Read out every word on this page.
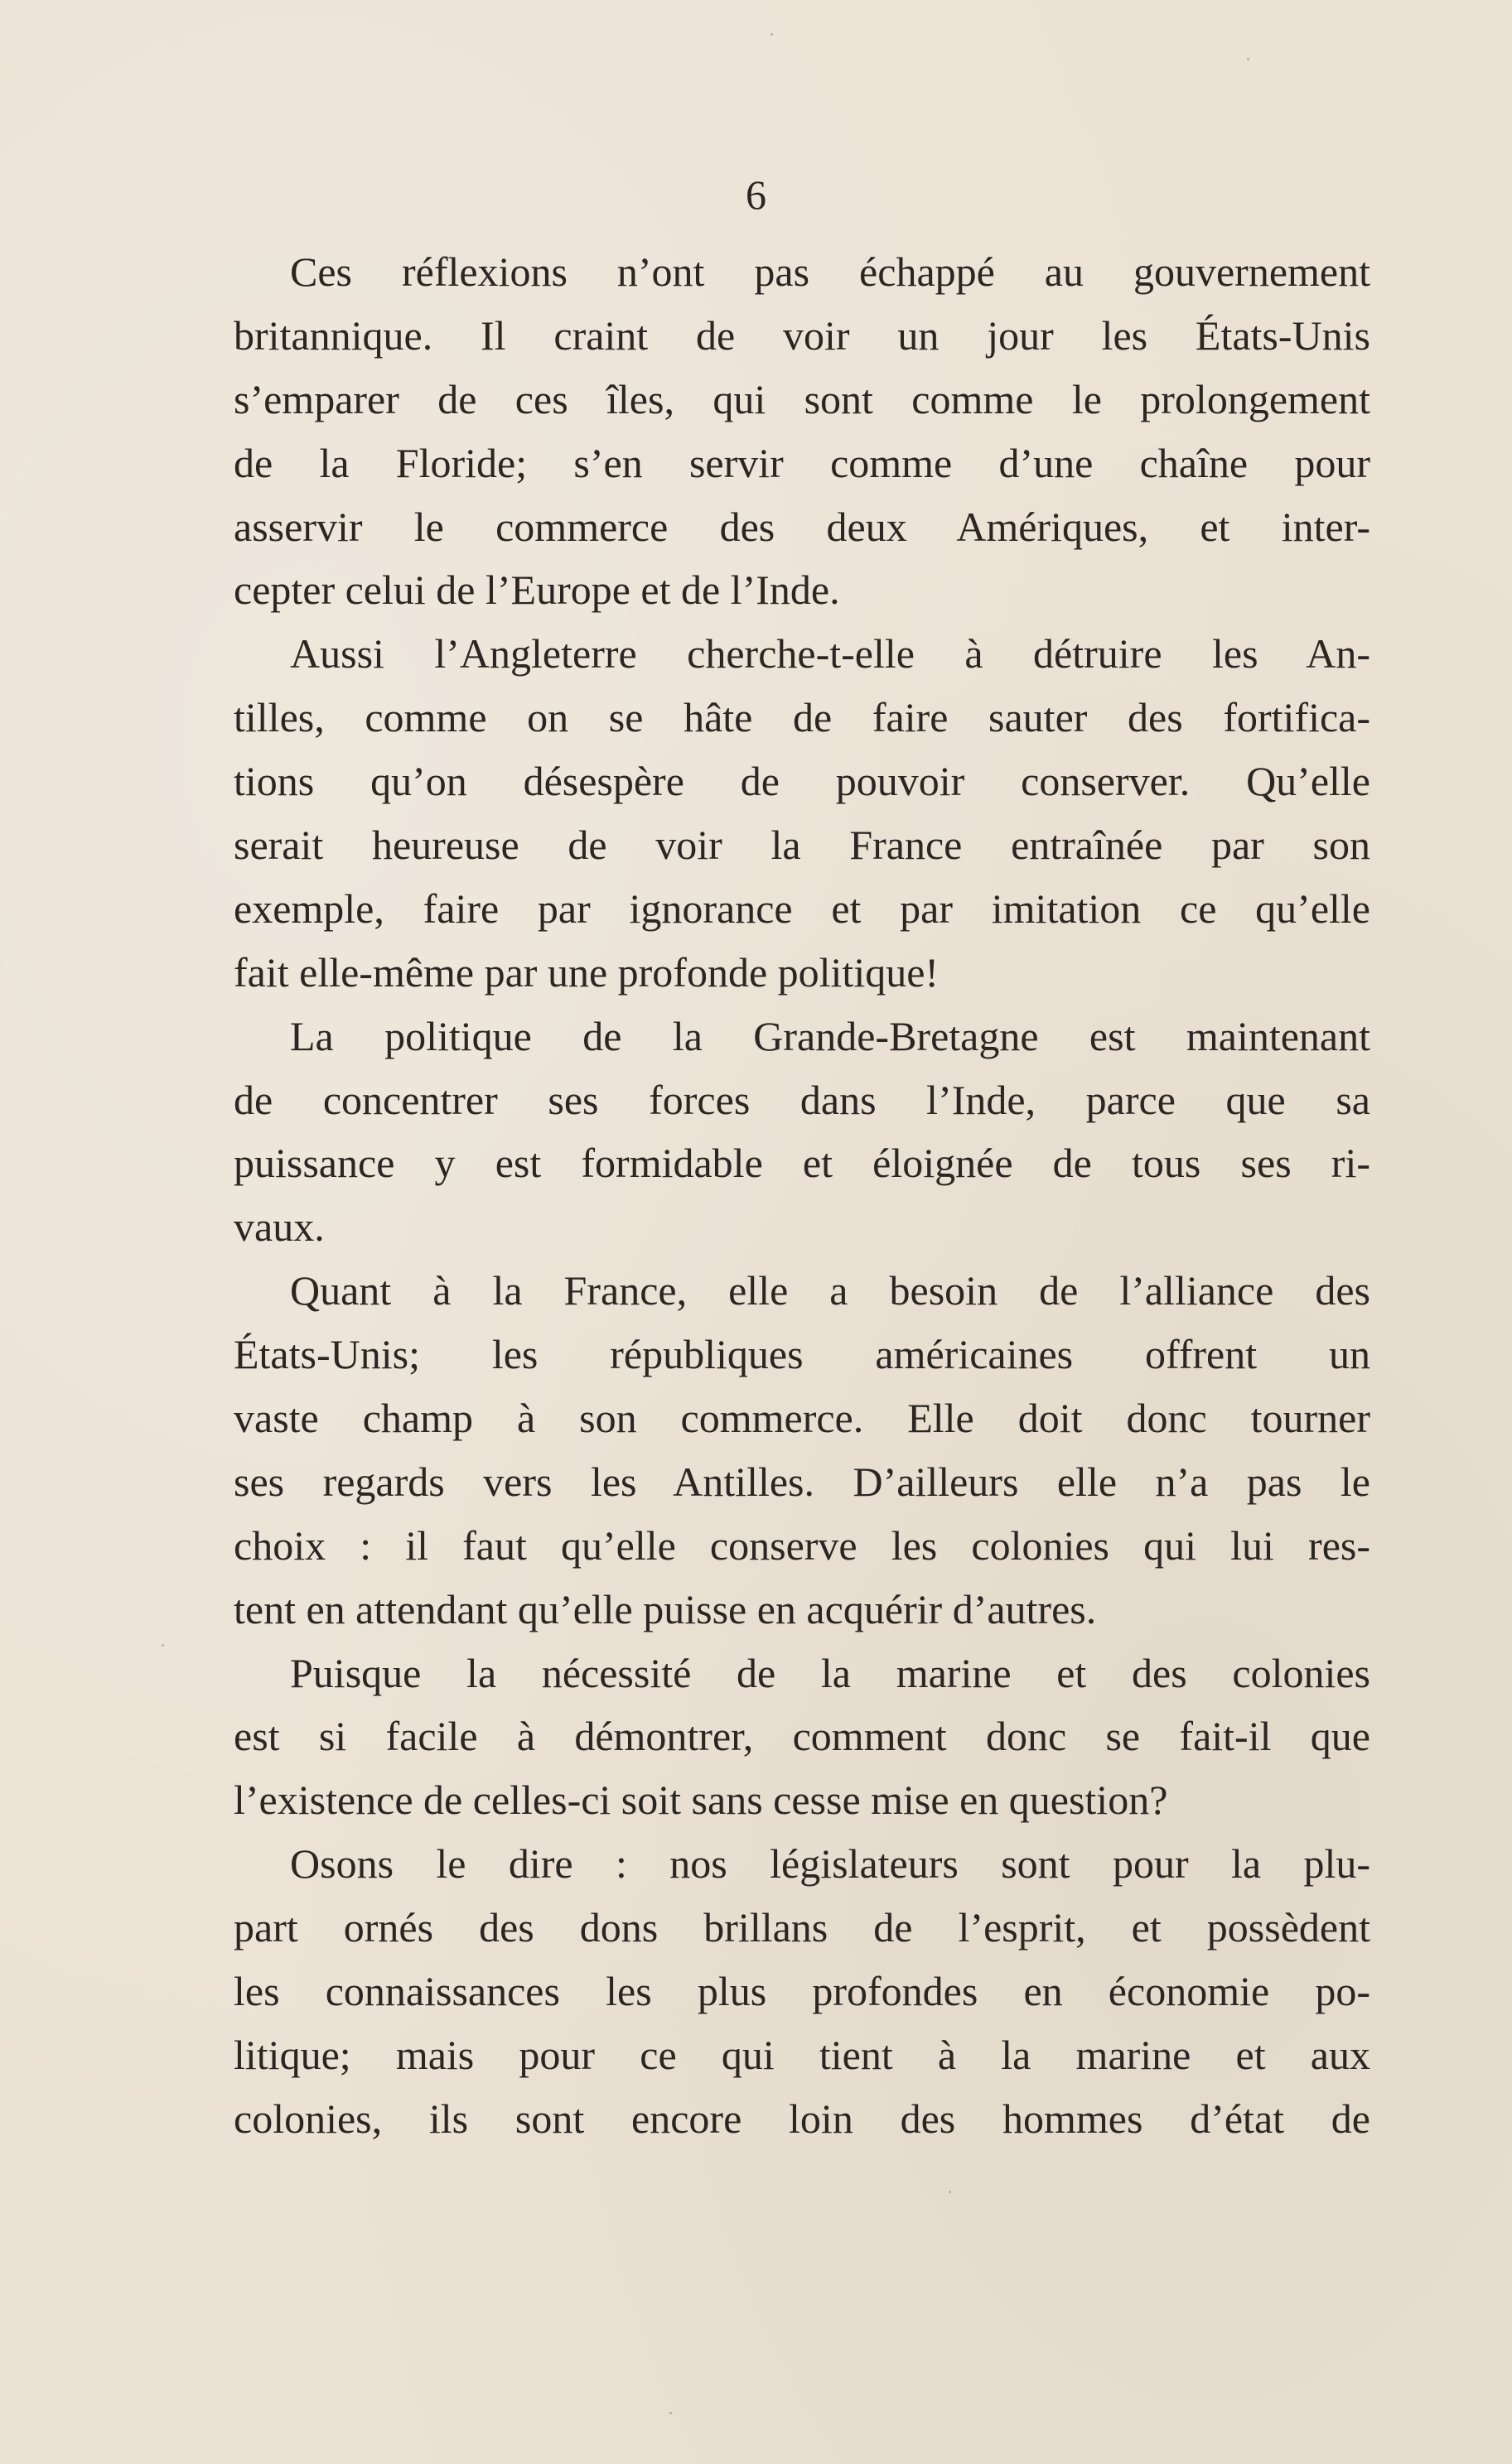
6
Ces réflexions n’ont pas échappé au gouvernement
britannique. Il craint de voir un jour les États-Unis
s’emparer de ces îles, qui sont comme le prolongement
de la Floride; s’en servir comme d’une chaîne pour
asservir le commerce des deux Amériques, et inter-
cepter celui de l’Europe et de l’Inde.
Aussi l’Angleterre cherche-t-elle à détruire les An-
tilles, comme on se hâte de faire sauter des fortifica-
tions qu’on désespère de pouvoir conserver. Qu’elle
serait heureuse de voir la France entraînée par son
exemple, faire par ignorance et par imitation ce qu’elle
fait elle-même par une profonde politique!
La politique de la Grande-Bretagne est maintenant
de concentrer ses forces dans l’Inde, parce que sa
puissance y est formidable et éloignée de tous ses ri-
vaux.
Quant à la France, elle a besoin de l’alliance des
États-Unis; les républiques américaines offrent un
vaste champ à son commerce. Elle doit donc tourner
ses regards vers les Antilles. D’ailleurs elle n’a pas le
choix : il faut qu’elle conserve les colonies qui lui res-
tent en attendant qu’elle puisse en acquérir d’autres.
Puisque la nécessité de la marine et des colonies
est si facile à démontrer, comment donc se fait-il que
l’existence de celles-ci soit sans cesse mise en question?
Osons le dire : nos législateurs sont pour la plu-
part ornés des dons brillans de l’esprit, et possèdent
les connaissances les plus profondes en économie po-
litique; mais pour ce qui tient à la marine et aux
colonies, ils sont encore loin des hommes d’état de
